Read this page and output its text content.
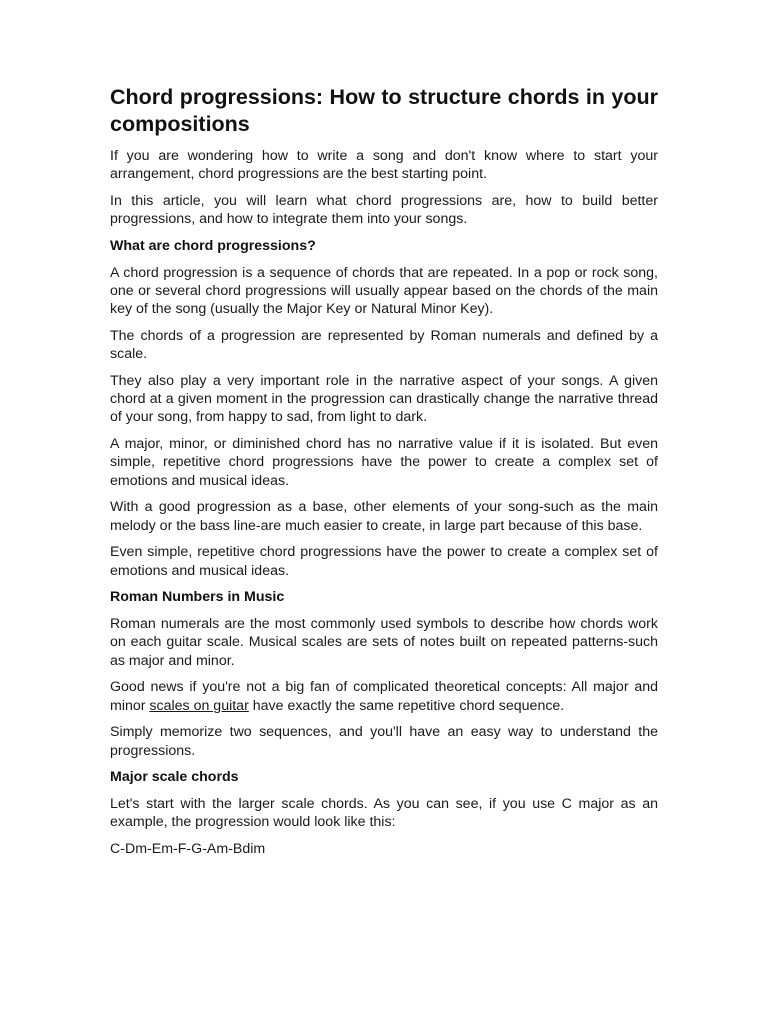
Chord progressions: How to structure chords in your compositions

If you are wondering how to write a song and don't know where to start your arrangement, chord progressions are the best starting point.

In this article, you will learn what chord progressions are, how to build better progressions, and how to integrate them into your songs.

What are chord progressions?

A chord progression is a sequence of chords that are repeated. In a pop or rock song, one or several chord progressions will usually appear based on the chords of the main key of the song (usually the Major Key or Natural Minor Key).

The chords of a progression are represented by Roman numerals and defined by a scale.

They also play a very important role in the narrative aspect of your songs. A given chord at a given moment in the progression can drastically change the narrative thread of your song, from happy to sad, from light to dark.

A major, minor, or diminished chord has no narrative value if it is isolated. But even simple, repetitive chord progressions have the power to create a complex set of emotions and musical ideas.

With a good progression as a base, other elements of your song-such as the main melody or the bass line-are much easier to create, in large part because of this base.

Even simple, repetitive chord progressions have the power to create a complex set of emotions and musical ideas.

Roman Numbers in Music

Roman numerals are the most commonly used symbols to describe how chords work on each guitar scale. Musical scales are sets of notes built on repeated patterns-such as major and minor.

Good news if you're not a big fan of complicated theoretical concepts: All major and minor scales on guitar have exactly the same repetitive chord sequence.

Simply memorize two sequences, and you'll have an easy way to understand the progressions.

Major scale chords

Let's start with the larger scale chords. As you can see, if you use C major as an example, the progression would look like this:

C-Dm-Em-F-G-Am-Bdim
